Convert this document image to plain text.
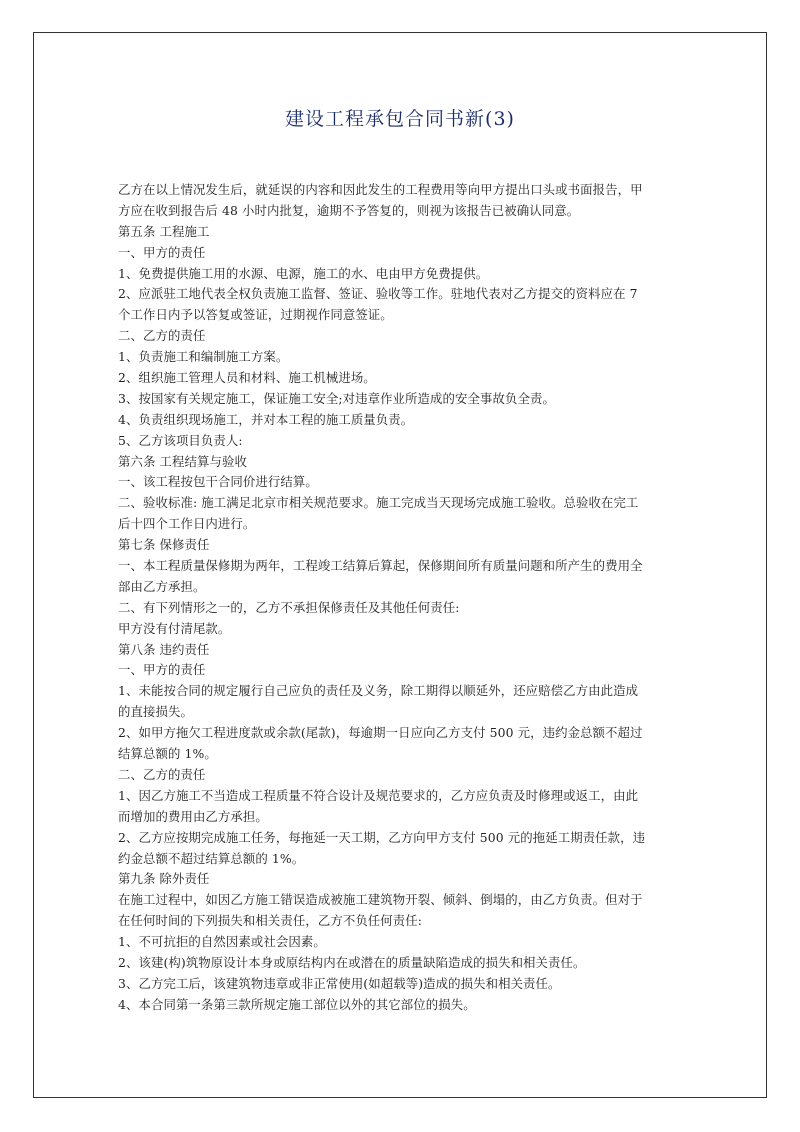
建设工程承包合同书新(3)
乙方在以上情况发生后，就延误的内容和因此发生的工程费用等向甲方提出口头或书面报告，甲
方应在收到报告后 48 小时内批复，逾期不予答复的，则视为该报告已被确认同意。
第五条 工程施工
一、甲方的责任
1、免费提供施工用的水源、电源，施工的水、电由甲方免费提供。
2、应派驻工地代表全权负责施工监督、签证、验收等工作。驻地代表对乙方提交的资料应在 7
个工作日内予以答复或签证，过期视作同意签证。
二、乙方的责任
1、负责施工和编制施工方案。
2、组织施工管理人员和材料、施工机械进场。
3、按国家有关规定施工，保证施工安全;对违章作业所造成的安全事故负全责。
4、负责组织现场施工，并对本工程的施工质量负责。
5、乙方该项目负责人:
第六条 工程结算与验收
一、该工程按包干合同价进行结算。
二、验收标准: 施工满足北京市相关规范要求。施工完成当天现场完成施工验收。总验收在完工
后十四个工作日内进行。
第七条 保修责任
一、本工程质量保修期为两年，工程竣工结算后算起，保修期间所有质量问题和所产生的费用全
部由乙方承担。
二、有下列情形之一的，乙方不承担保修责任及其他任何责任:
甲方没有付清尾款。
第八条 违约责任
一、甲方的责任
1、未能按合同的规定履行自己应负的责任及义务，除工期得以顺延外，还应赔偿乙方由此造成
的直接损失。
2、如甲方拖欠工程进度款或余款(尾款)，每逾期一日应向乙方支付 500 元，违约金总额不超过
结算总额的 1%。
二、乙方的责任
1、因乙方施工不当造成工程质量不符合设计及规范要求的，乙方应负责及时修理或返工，由此
而增加的费用由乙方承担。
2、乙方应按期完成施工任务，每拖延一天工期，乙方向甲方支付 500 元的拖延工期责任款，违
约金总额不超过结算总额的 1%。
第九条 除外责任
在施工过程中，如因乙方施工错误造成被施工建筑物开裂、倾斜、倒塌的，由乙方负责。但对于
在任何时间的下列损失和相关责任，乙方不负任何责任:
1、不可抗拒的自然因素或社会因素。
2、该建(构)筑物原设计本身或原结构内在或潜在的质量缺陷造成的损失和相关责任。
3、乙方完工后，该建筑物违章或非正常使用(如超载等)造成的损失和相关责任。
4、本合同第一条第三款所规定施工部位以外的其它部位的损失。
